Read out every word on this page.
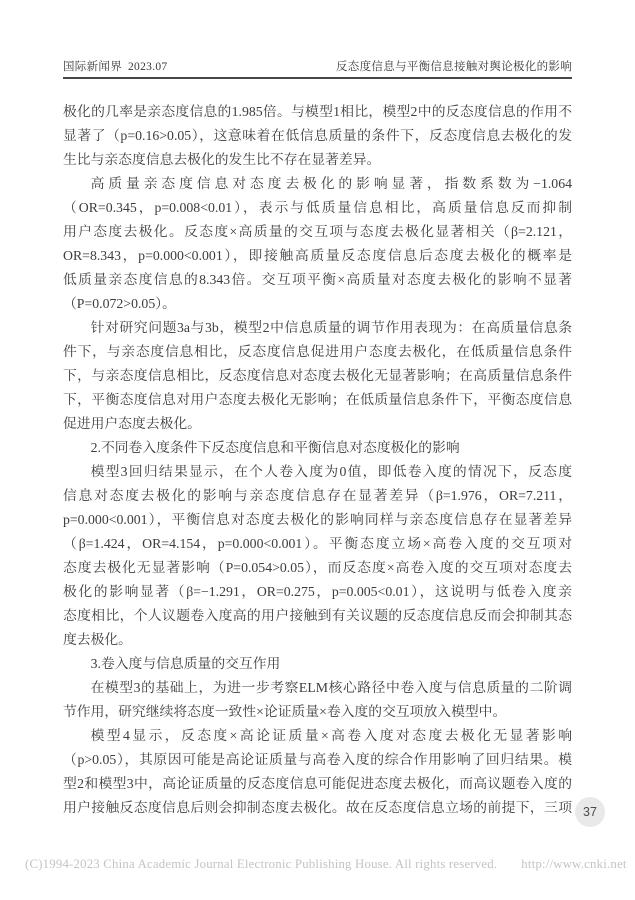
国际新闻界 2023.07	反态度信息与平衡信息接触对舆论极化的影响
极化的几率是亲态度信息的1.985倍。与模型1相比，模型2中的反态度信息的作用不
显著了（p=0.16>0.05），这意味着在低信息质量的条件下，反态度信息去极化的发
生比与亲态度信息去极化的发生比不存在显著差异。
高质量亲态度信息对态度去极化的影响显著，指数系数为−1.064
（OR=0.345，p=0.008<0.01），表示与低质量信息相比，高质量信息反而抑制
用户态度去极化。反态度×高质量的交互项与态度去极化显著相关（β=2.121，
OR=8.343，p=0.000<0.001），即接触高质量反态度信息后态度去极化的概率是
低质量亲态度信息的8.343倍。交互项平衡×高质量对态度去极化的影响不显著
（P=0.072>0.05）。
针对研究问题3a与3b，模型2中信息质量的调节作用表现为：在高质量信息条
件下，与亲态度信息相比，反态度信息促进用户态度去极化，在低质量信息条件
下，与亲态度信息相比，反态度信息对态度去极化无显著影响；在高质量信息条件
下，平衡态度信息对用户态度去极化无影响；在低质量信息条件下，平衡态度信息
促进用户态度去极化。
2.不同卷入度条件下反态度信息和平衡信息对态度极化的影响
模型3回归结果显示，在个人卷入度为0值，即低卷入度的情况下，反态度
信息对态度去极化的影响与亲态度信息存在显著差异（β=1.976，OR=7.211，
p=0.000<0.001），平衡信息对态度去极化的影响同样与亲态度信息存在显著差异
（β=1.424，OR=4.154，p=0.000<0.001）。平衡态度立场×高卷入度的交互项对
态度去极化无显著影响（P=0.054>0.05），而反态度×高卷入度的交互项对态度去
极化的影响显著（β=−1.291，OR=0.275，p=0.005<0.01），这说明与低卷入度亲
态度相比，个人议题卷入度高的用户接触到有关议题的反态度信息反而会抑制其态
度去极化。
3.卷入度与信息质量的交互作用
在模型3的基础上，为进一步考察ELM核心路径中卷入度与信息质量的二阶调
节作用，研究继续将态度一致性×论证质量×卷入度的交互项放入模型中。
模型4显示，反态度×高论证质量×高卷入度对态度去极化无显著影响
（p>0.05），其原因可能是高论证质量与高卷入度的综合作用影响了回归结果。模
型2和模型3中，高论证质量的反态度信息可能促进态度去极化，而高议题卷入度的
用户接触反态度信息后则会抑制态度去极化。故在反态度信息立场的前提下，三项 37
(C)1994-2023 China Academic Journal Electronic Publishing House. All rights reserved. http://www.cnki.net
